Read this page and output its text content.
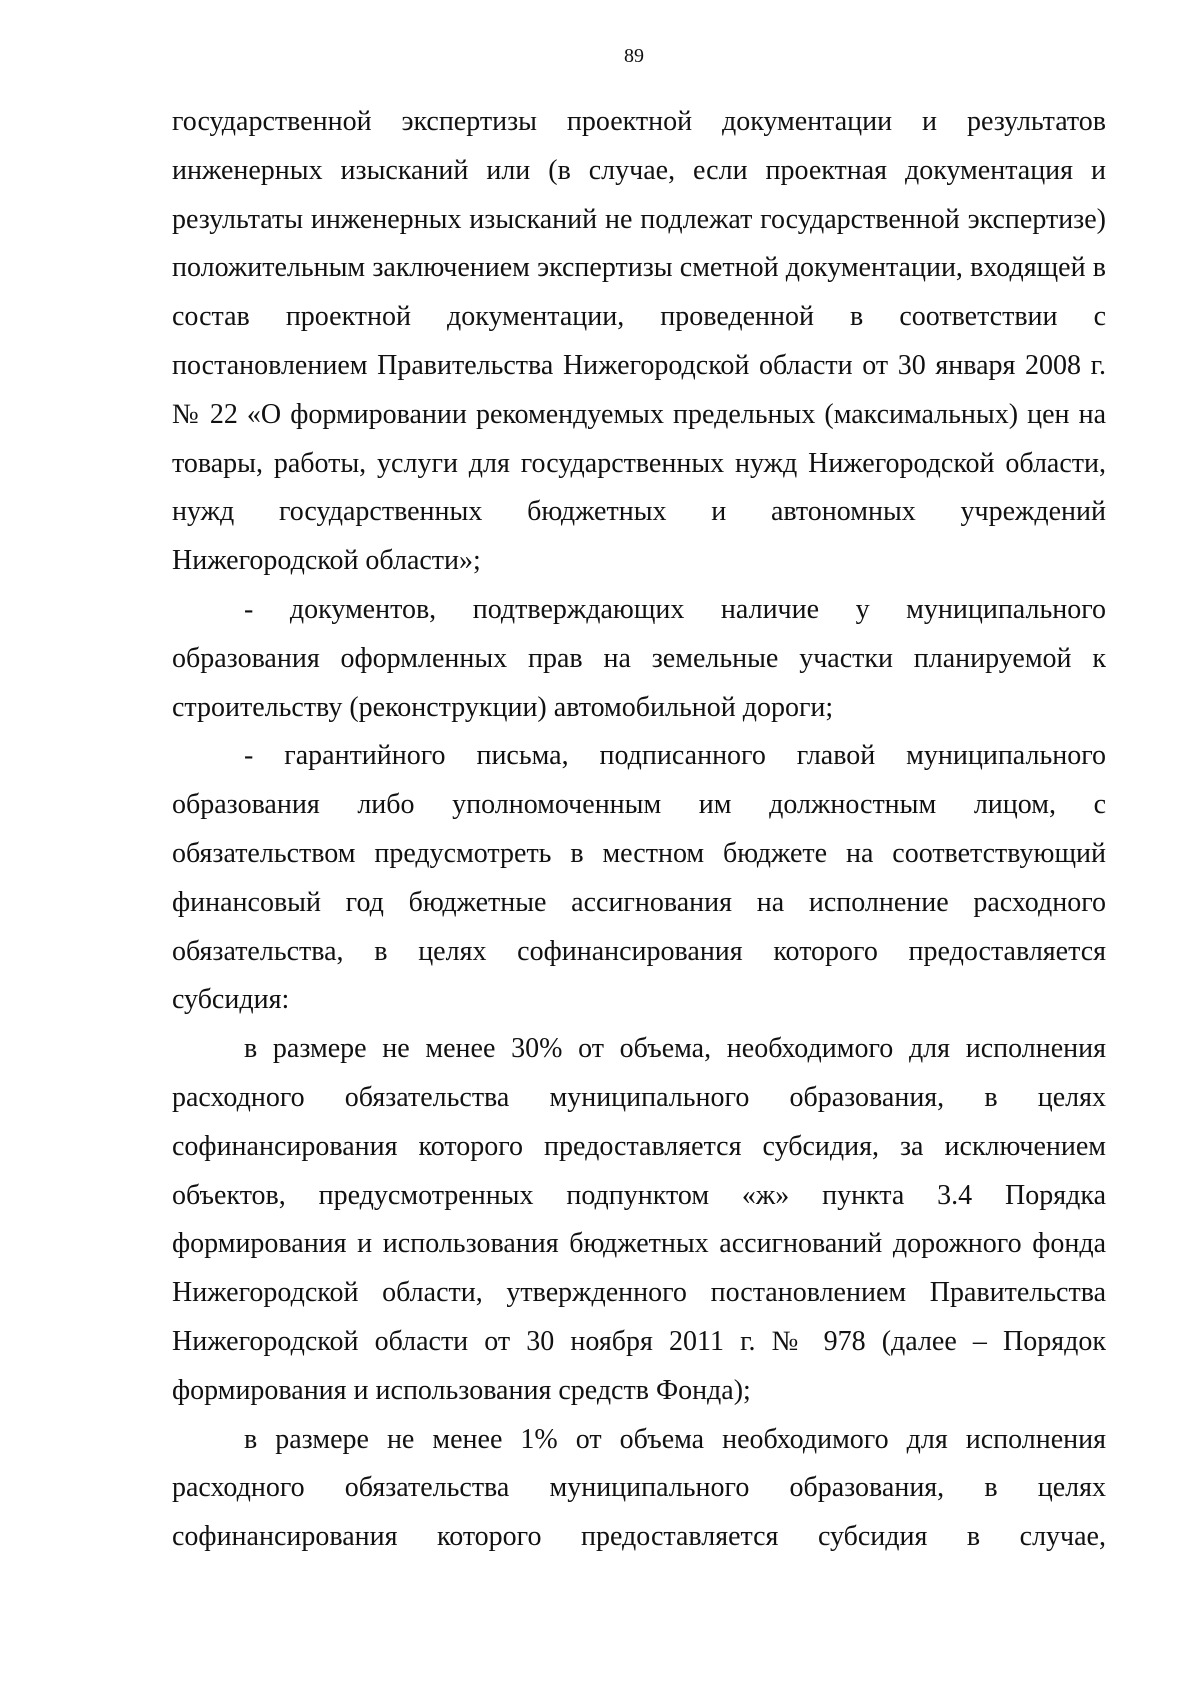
89

государственной экспертизы проектной документации и результатов инженерных изысканий или (в случае, если проектная документация и результаты инженерных изысканий не подлежат государственной экспертизе) положительным заключением экспертизы сметной документации, входящей в состав проектной документации, проведенной в соответствии с постановлением Правительства Нижегородской области от 30 января 2008 г. № 22 «О формировании рекомендуемых предельных (максимальных) цен на товары, работы, услуги для государственных нужд Нижегородской области, нужд государственных бюджетных и автономных учреждений Нижегородской области»;

- документов, подтверждающих наличие у муниципального образования оформленных прав на земельные участки планируемой к строительству (реконструкции) автомобильной дороги;

- гарантийного письма, подписанного главой муниципального образования либо уполномоченным им должностным лицом, с обязательством предусмотреть в местном бюджете на соответствующий финансовый год бюджетные ассигнования на исполнение расходного обязательства, в целях софинансирования которого предоставляется субсидия:

в размере не менее 30% от объема, необходимого для исполнения расходного обязательства муниципального образования, в целях софинансирования которого предоставляется субсидия, за исключением объектов, предусмотренных подпунктом «ж» пункта 3.4 Порядка формирования и использования бюджетных ассигнований дорожного фонда Нижегородской области, утвержденного постановлением Правительства Нижегородской области от 30 ноября 2011 г. № 978 (далее – Порядок формирования и использования средств Фонда);

в размере не менее 1% от объема необходимого для исполнения расходного обязательства муниципального образования, в целях софинансирования которого предоставляется субсидия в случае,
